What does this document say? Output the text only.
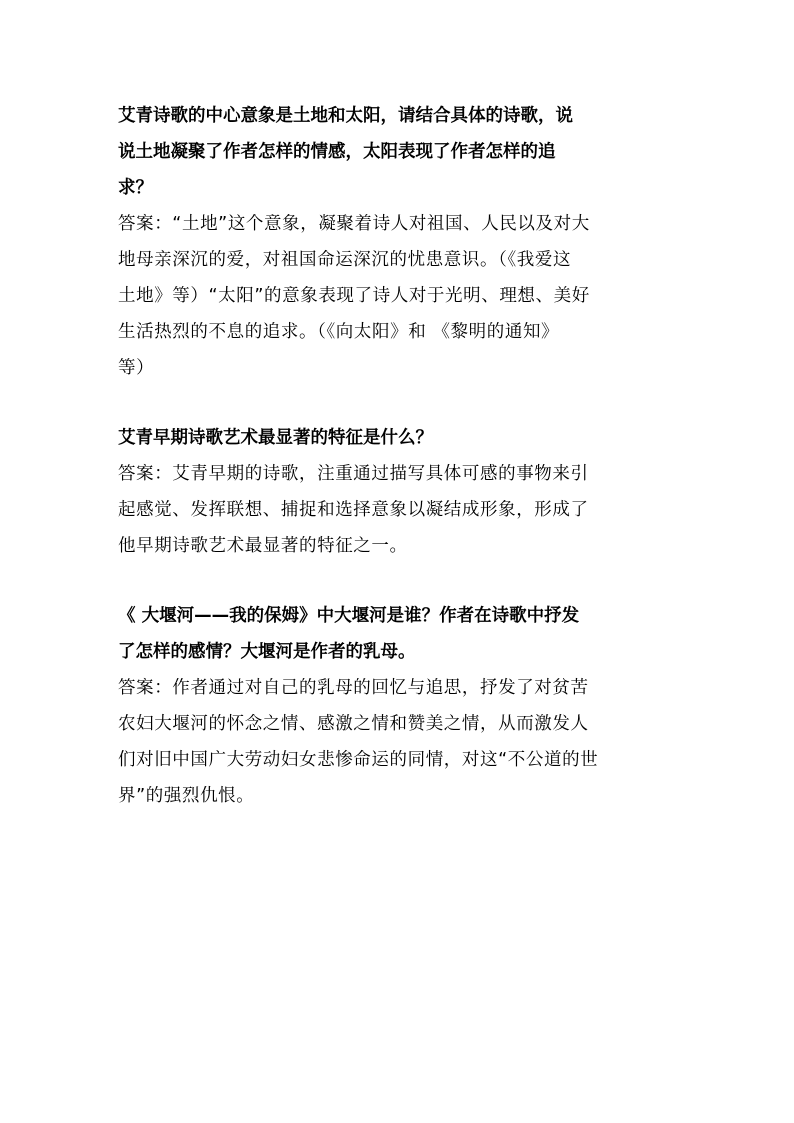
艾青诗歌的中心意象是土地和太阳，请结合具体的诗歌，说
说土地凝聚了作者怎样的情感，太阳表现了作者怎样的追
求？
答案：“土地”这个意象，凝聚着诗人对祖国、人民以及对大
地母亲深沉的爱，对祖国命运深沉的忧患意识。（《我爱这
土地》等）“太阳”的意象表现了诗人对于光明、理想、美好
生活热烈的不息的追求。（《向太阳》和 《黎明的通知》
等）
艾青早期诗歌艺术最显著的特征是什么？
答案：艾青早期的诗歌，注重通过描写具体可感的事物来引
起感觉、发挥联想、捕捉和选择意象以凝结成形象，形成了
他早期诗歌艺术最显著的特征之一。
《 大堰河——我的保姆》中大堰河是谁？作者在诗歌中抒发
了怎样的感情？大堰河是作者的乳母。
答案：作者通过对自己的乳母的回忆与追思，抒发了对贫苦
农妇大堰河的怀念之情、感激之情和赞美之情，从而激发人
们对旧中国广大劳动妇女悲惨命运的同情，对这“不公道的世
界”的强烈仇恨。
